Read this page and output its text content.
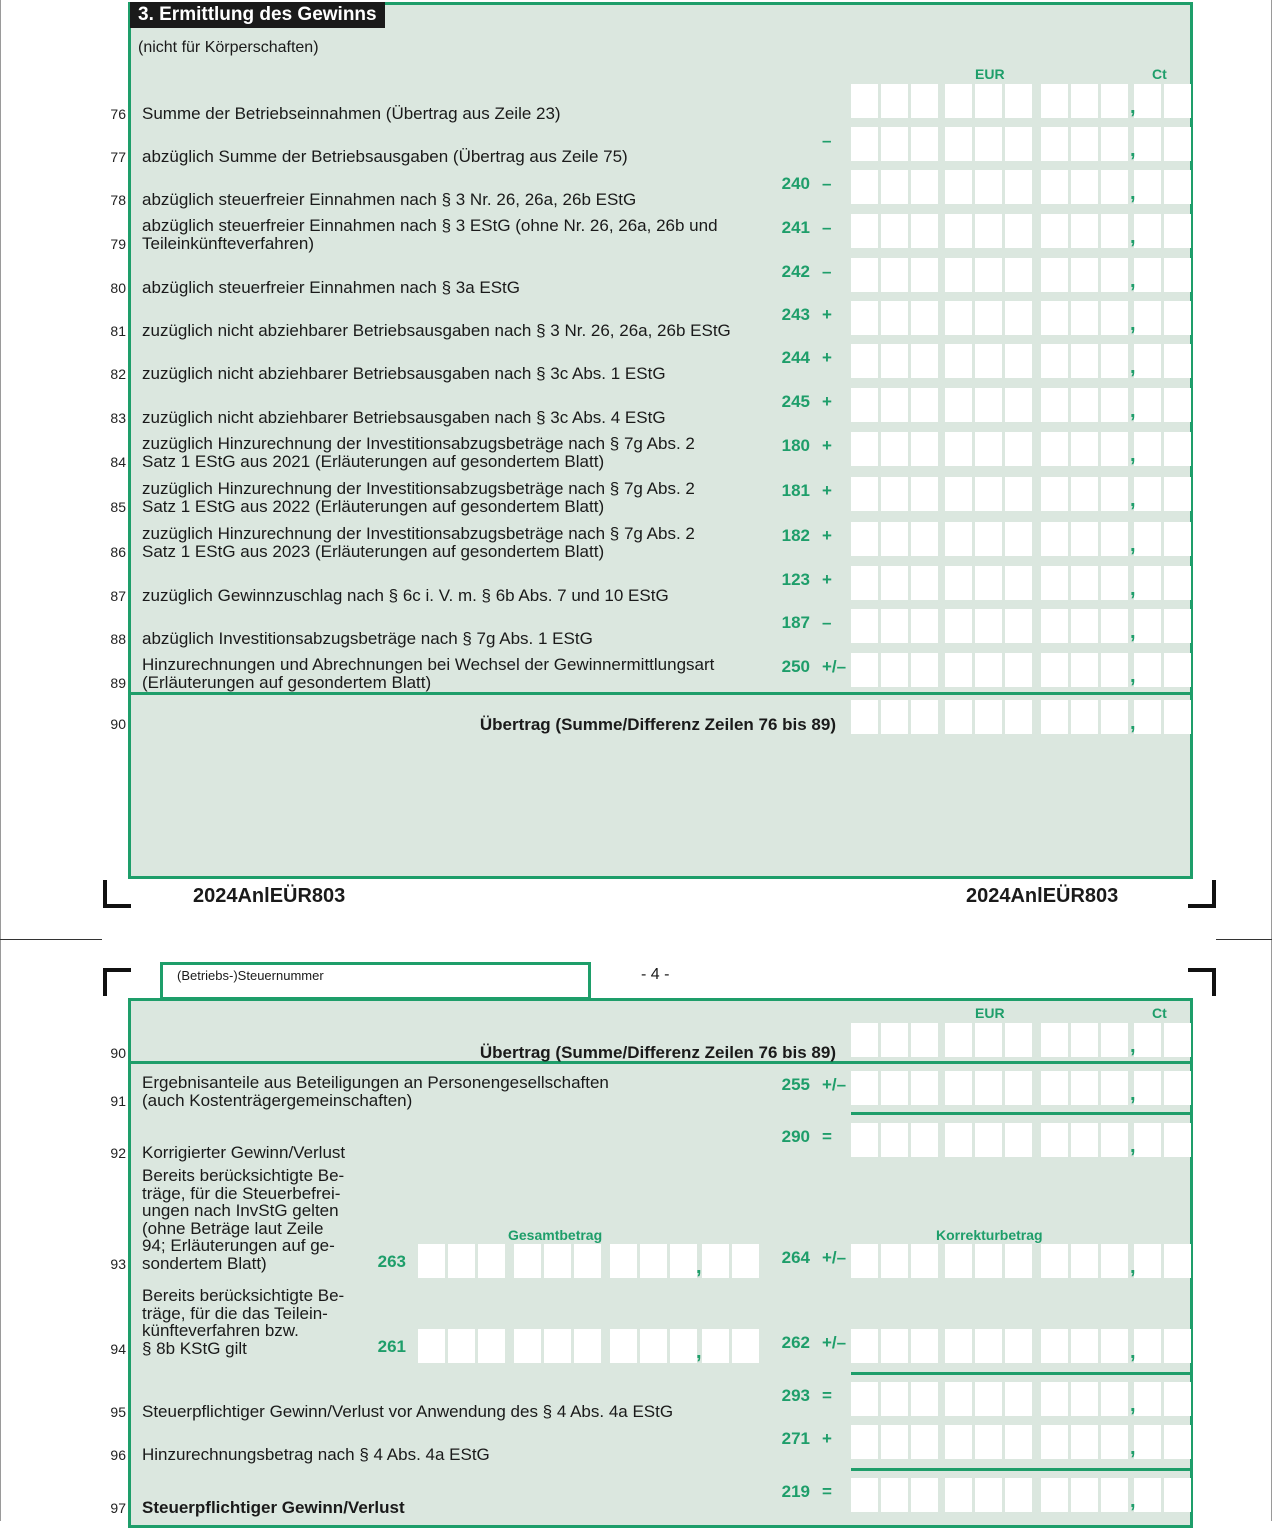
3. Ermittlung des Gewinns
(nicht für Körperschaften)
EUR	Ct
76 Summe der Betriebseinnahmen (Übertrag aus Zeile 23)	,
77 abzüglich Summe der Betriebsausgaben (Übertrag aus Zeile 75)
–	,
78 abzüglich steuerfreier Einnahmen nach § 3 Nr. 26, 26a, 26b EStG
240 –	,
79
abzüglich steuerfreier Einnahmen nach § 3 EStG (ohne Nr. 26, 26a, 26b und
Teileinkünfteverfahren)
241 –	,
80 abzüglich steuerfreier Einnahmen nach § 3a EStG
242 –	,
81 zuzüglich nicht abziehbarer Betriebsausgaben nach § 3 Nr. 26, 26a, 26b EStG
243 +	,
82 zuzüglich nicht abziehbarer Betriebsausgaben nach § 3c Abs. 1 EStG
244 +	,
83 zuzüglich nicht abziehbarer Betriebsausgaben nach § 3c Abs. 4 EStG
245 +	,
84
zuzüglich Hinzurechnung der Investitionsabzugsbeträge nach § 7g Abs. 2
Satz 1 EStG aus 2021 (Erläuterungen auf gesondertem Blatt)
180 +	,
85
zuzüglich Hinzurechnung der Investitionsabzugsbeträge nach § 7g Abs. 2
Satz 1 EStG aus 2022 (Erläuterungen auf gesondertem Blatt)
181 +	,
86
zuzüglich Hinzurechnung der Investitionsabzugsbeträge nach § 7g Abs. 2
Satz 1 EStG aus 2023 (Erläuterungen auf gesondertem Blatt)
182 +	,
87 zuzüglich Gewinnzuschlag nach § 6c i. V. m. § 6b Abs. 7 und 10 EStG
123 +	,
88 abzüglich Investitionsabzugsbeträge nach § 7g Abs. 1 EStG
187 –	,
89
Hinzurechnungen und Abrechnungen bei Wechsel der Gewinnermittlungsart
(Erläuterungen auf gesondertem Blatt)
250 +/–	,
90	Übertrag (Summe/Differenz Zeilen 76 bis 89)	,
2024AnlEÜR803	2024AnlEÜR803
(Betriebs-)Steuernummer	- 4 -
EUR	Ct
Gesamtbetrag	Korrekturbetrag
90	Übertrag (Summe/Differenz Zeilen 76 bis 89)	,
91
Ergebnisanteile aus Beteiligungen an Personengesellschaften
(auch Kostenträgergemeinschaften)
255 +/–	,
92 Korrigierter Gewinn/Verlust
290 =	,
93
Bereits berücksichtigte Be-
träge, für die Steuerbefrei-
ungen nach InvStG gelten
(ohne Beträge laut Zeile
94; Erläuterungen auf ge-
sondertem Blatt)	263	,	264 +/–	,
94
Bereits berücksichtigte Be-
träge, für die das Teilein-
künfteverfahren bzw.
§ 8b KStG gilt	261	,	262 +/–	,
95 Steuerpflichtiger Gewinn/Verlust vor Anwendung des § 4 Abs. 4a EStG
293 =	,
96 Hinzurechnungsbetrag nach § 4 Abs. 4a EStG
271 +	,
97 Steuerpflichtiger Gewinn/Verlust
219 =	,
